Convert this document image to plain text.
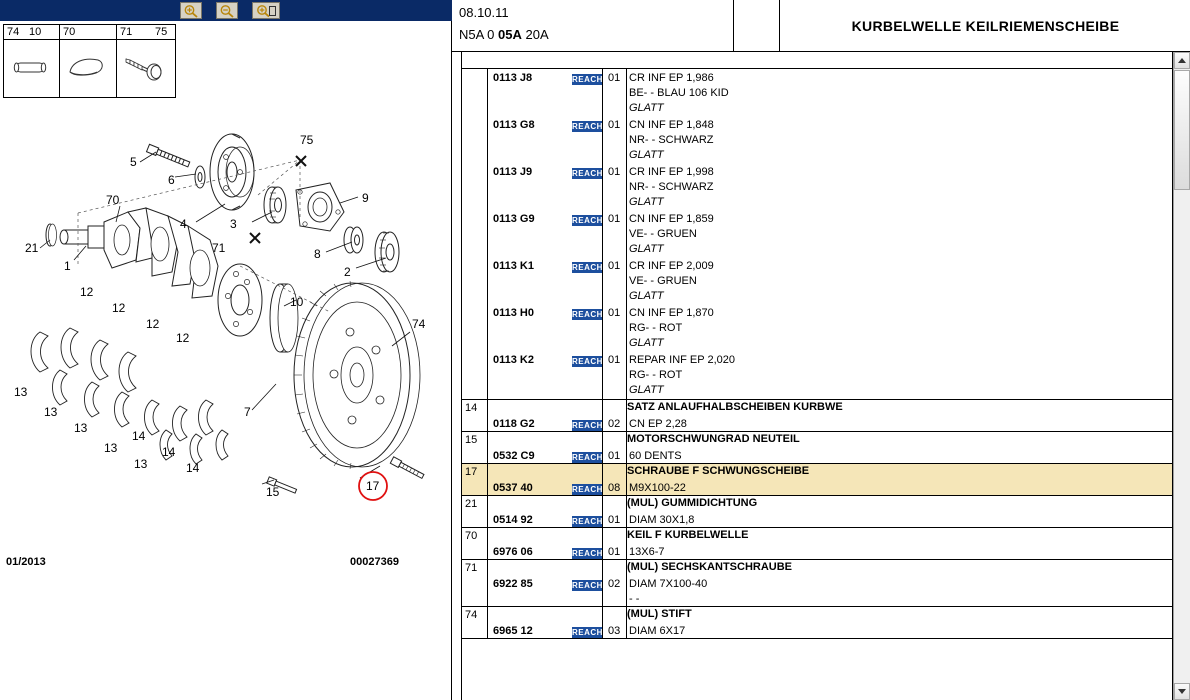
74 10	70	71	75
75
5
6
9
70
4	3
71	8
2
21
1
10
74
12
12
12
12
13
13
13
13
13
14
14
14
7
15	17
01/2013	00027369
08.10.11
N5A 0 05A 20A
KURBELWELLE KEILRIEMENSCHEIBE
0113 J8	REACH 01 CR INF EP 1,986
BE- - BLAU 106 KID
GLATT
0113 G8	REACH 01 CN INF EP 1,848
NR- - SCHWARZ
GLATT
0113 J9	REACH 01 CR INF EP 1,998
NR- - SCHWARZ
GLATT
0113 G9	REACH 01 CN INF EP 1,859
VE- - GRUEN
GLATT
0113 K1	REACH 01 CR INF EP 2,009
VE- - GRUEN
GLATT
0113 H0	REACH 01 CN INF EP 1,870
RG- - ROT
GLATT
0113 K2	REACH 01 REPAR INF EP 2,020
RG- - ROT
GLATT
14	SATZ ANLAUFHALBSCHEIBEN KURBWE
0118 G2	REACH 02 CN EP 2,28
15	MOTORSCHWUNGRAD NEUTEIL
0532 C9	REACH 01 60 DENTS
17	SCHRAUBE F SCHWUNGSCHEIBE
0537 40	REACH 08 M9X100-22
21	(MUL) GUMMIDICHTUNG
0514 92	REACH 01 DIAM 30X1,8
70	KEIL F KURBELWELLE
6976 06	REACH 01 13X6-7
71	(MUL) SECHSKANTSCHRAUBE
6922 85	REACH 02 DIAM 7X100-40
- -
74	(MUL) STIFT
6965 12	REACH 03 DIAM 6X17
